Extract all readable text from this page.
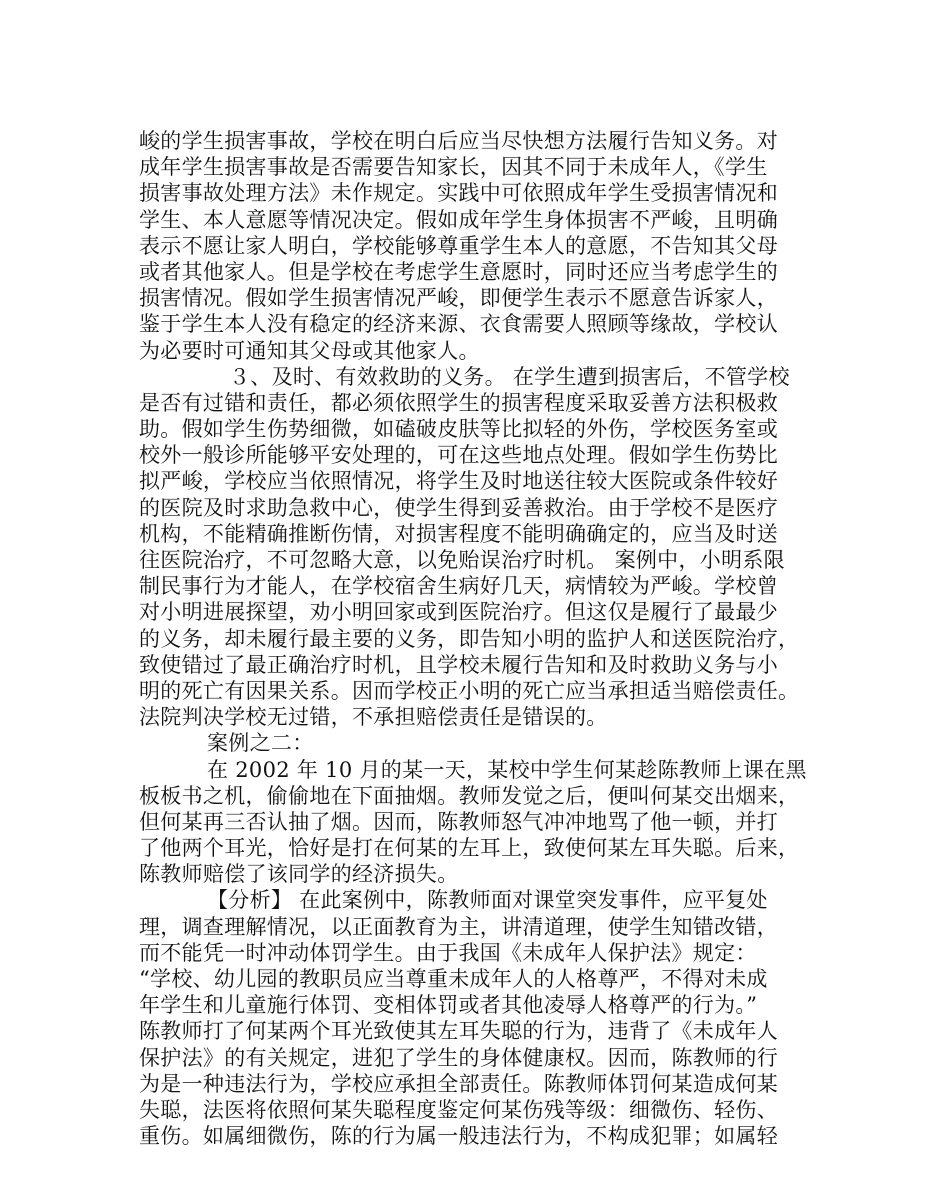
峻的学生损害事故，学校在明白后应当尽快想方法履行告知义务。对
成年学生损害事故是否需要告知家长，因其不同于未成年人，《学生
损害事故处理方法》未作规定。实践中可依照成年学生受损害情况和
学生、本人意愿等情况决定。假如成年学生身体损害不严峻，且明确
表示不愿让家人明白，学校能够尊重学生本人的意愿，不告知其父母
或者其他家人。但是学校在考虑学生意愿时，同时还应当考虑学生的
损害情况。假如学生损害情况严峻，即便学生表示不愿意告诉家人，
鉴于学生本人没有稳定的经济来源、衣食需要人照顾等缘故，学校认
为必要时可通知其父母或其他家人。
３、及时、有效救助的义务。 在学生遭到损害后，不管学校
是否有过错和责任，都必须依照学生的损害程度采取妥善方法积极救
助。假如学生伤势细微，如磕破皮肤等比拟轻的外伤，学校医务室或
校外一般诊所能够平安处理的，可在这些地点处理。假如学生伤势比
拟严峻，学校应当依照情况，将学生及时地送往较大医院或条件较好
的医院及时求助急救中心，使学生得到妥善救治。由于学校不是医疗
机构，不能精确推断伤情，对损害程度不能明确确定的，应当及时送
往医院治疗，不可忽略大意，以免贻误治疗时机。 案例中，小明系限
制民事行为才能人，在学校宿舍生病好几天，病情较为严峻。学校曾
对小明进展探望，劝小明回家或到医院治疗。但这仅是履行了最最少
的义务，却未履行最主要的义务，即告知小明的监护人和送医院治疗，
致使错过了最正确治疗时机，且学校未履行告知和及时救助义务与小
明的死亡有因果关系。因而学校正小明的死亡应当承担适当赔偿责任。
法院判决学校无过错，不承担赔偿责任是错误的。
案例之二：
在 2002 年 10 月的某一天，某校中学生何某趁陈教师上课在黑
板板书之机，偷偷地在下面抽烟。教师发觉之后，便叫何某交出烟来，
但何某再三否认抽了烟。因而，陈教师怒气冲冲地骂了他一顿，并打
了他两个耳光，恰好是打在何某的左耳上，致使何某左耳失聪。后来，
陈教师赔偿了该同学的经济损失。
【分析】 在此案例中，陈教师面对课堂突发事件，应平复处
理，调查理解情况，以正面教育为主，讲清道理，使学生知错改错，
而不能凭一时冲动体罚学生。由于我国《未成年人保护法》规定：
“学校、幼儿园的教职员应当尊重未成年人的人格尊严，不得对未成
年学生和儿童施行体罚、变相体罚或者其他凌辱人格尊严的行为。”
陈教师打了何某两个耳光致使其左耳失聪的行为，违背了《未成年人
保护法》的有关规定，进犯了学生的身体健康权。因而，陈教师的行
为是一种违法行为，学校应承担全部责任。陈教师体罚何某造成何某
失聪，法医将依照何某失聪程度鉴定何某伤残等级：细微伤、轻伤、
重伤。如属细微伤，陈的行为属一般违法行为，不构成犯罪；如属轻
